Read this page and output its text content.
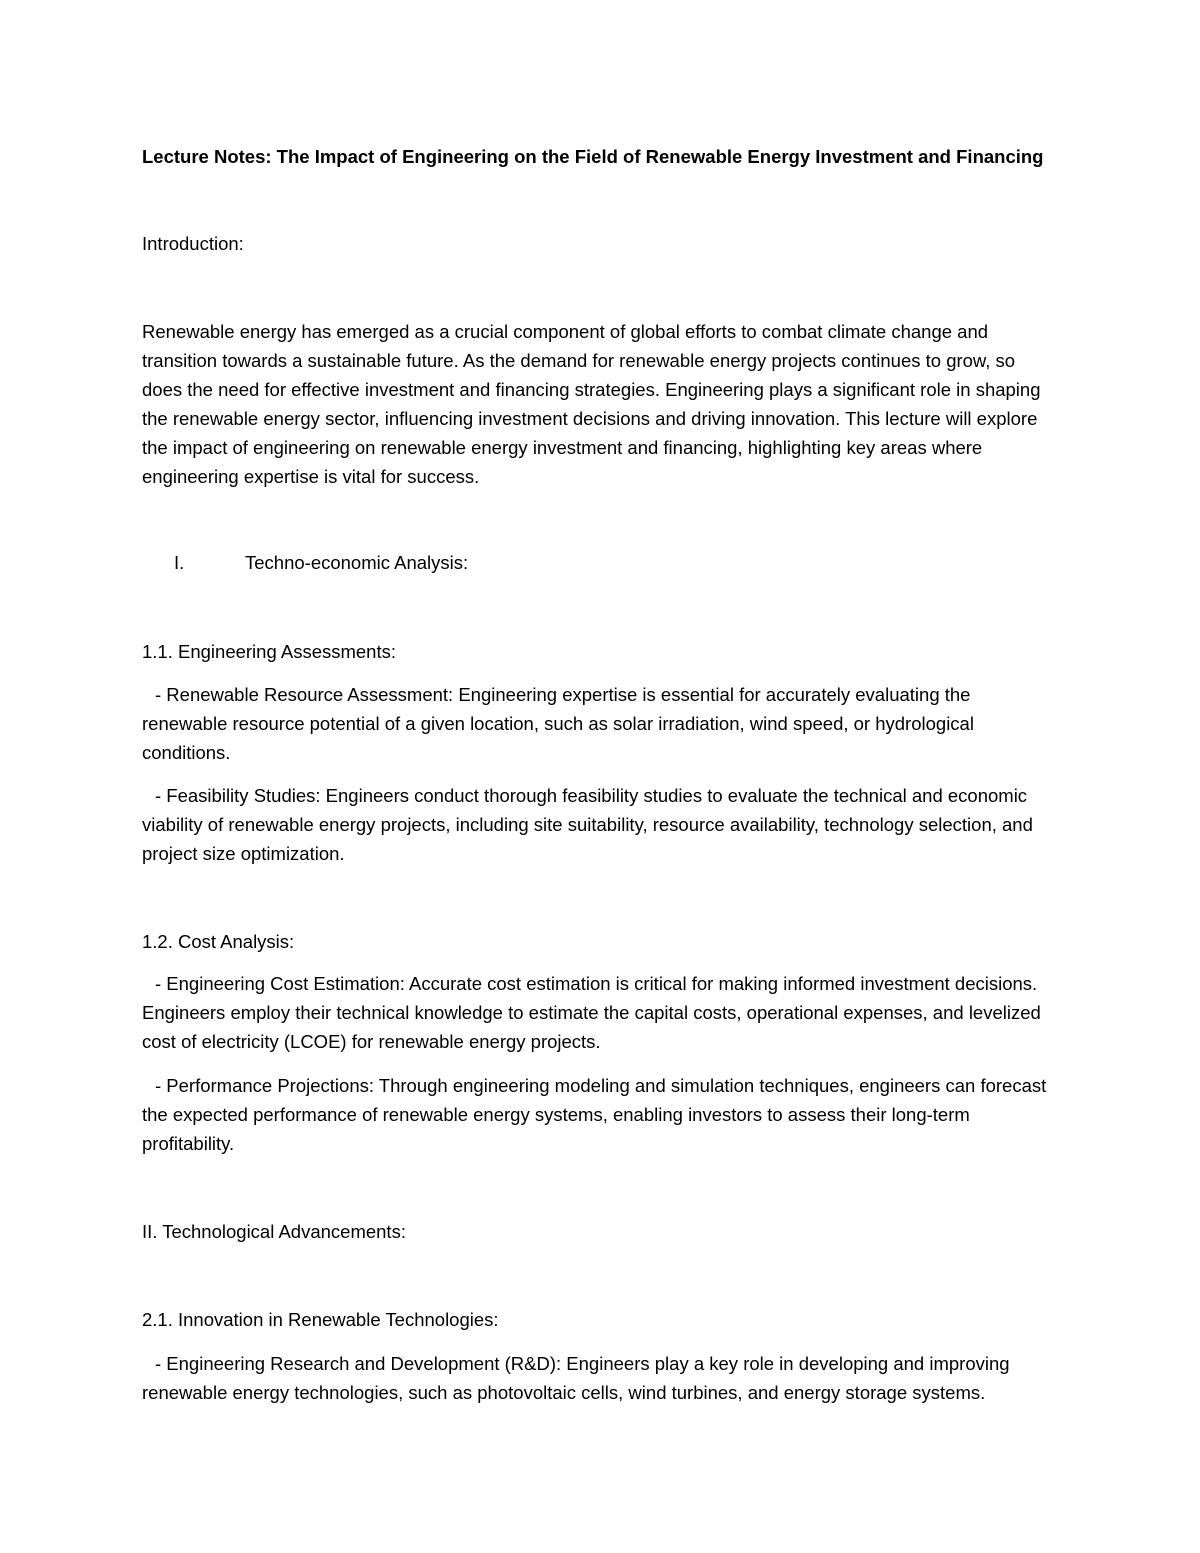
Lecture Notes: The Impact of Engineering on the Field of Renewable Energy Investment and Financing

Introduction:

Renewable energy has emerged as a crucial component of global efforts to combat climate change and transition towards a sustainable future. As the demand for renewable energy projects continues to grow, so does the need for effective investment and financing strategies. Engineering plays a significant role in shaping the renewable energy sector, influencing investment decisions and driving innovation. This lecture will explore the impact of engineering on renewable energy investment and financing, highlighting key areas where engineering expertise is vital for success.

I.	Techno-economic Analysis:

1.1. Engineering Assessments:

- Renewable Resource Assessment: Engineering expertise is essential for accurately evaluating the renewable resource potential of a given location, such as solar irradiation, wind speed, or hydrological conditions.

- Feasibility Studies: Engineers conduct thorough feasibility studies to evaluate the technical and economic viability of renewable energy projects, including site suitability, resource availability, technology selection, and project size optimization.

1.2. Cost Analysis:

- Engineering Cost Estimation: Accurate cost estimation is critical for making informed investment decisions. Engineers employ their technical knowledge to estimate the capital costs, operational expenses, and levelized cost of electricity (LCOE) for renewable energy projects.

- Performance Projections: Through engineering modeling and simulation techniques, engineers can forecast the expected performance of renewable energy systems, enabling investors to assess their long-term profitability.

II. Technological Advancements:

2.1. Innovation in Renewable Technologies:

- Engineering Research and Development (R&D): Engineers play a key role in developing and improving renewable energy technologies, such as photovoltaic cells, wind turbines, and energy storage systems.
